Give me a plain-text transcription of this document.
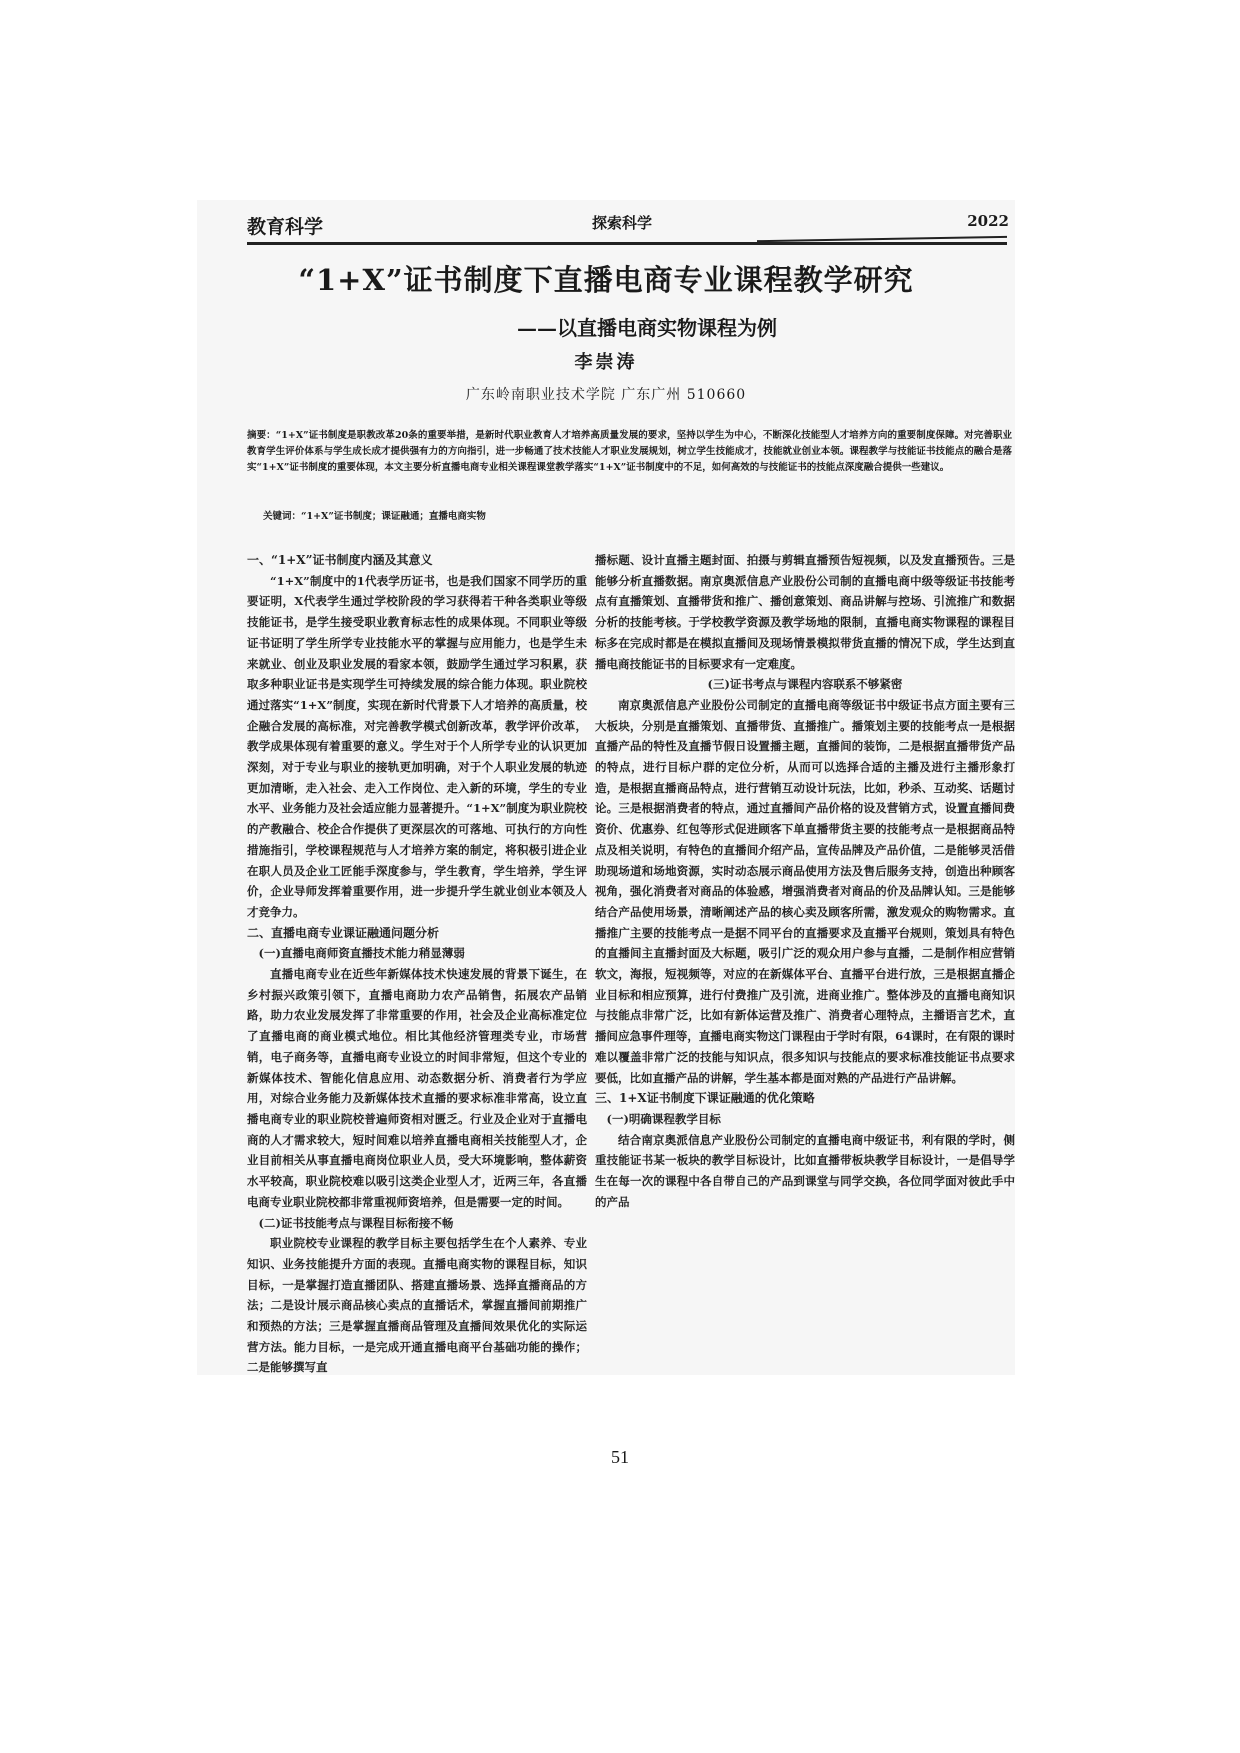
教育科学	探索科学	2022
“1+X”证书制度下直播电商专业课程教学研究
——以直播电商实物课程为例
李崇涛
广东岭南职业技术学院 广东广州 510660
摘要：“1+X”证书制度是职教改革20条的重要举措，是新时代职业教育人才培养高质量发展的要求，坚持以学生为中心，不断深化技能型人才培养方向的重要制度保障。对完善职业教育学生评价体系与学生成长成才提供强有力的方向指引，进一步畅通了技术技能人才职业发展规划，树立学生技能成才，技能就业创业本领。课程教学与技能证书技能点的融合是落实“1+X”证书制度的重要体现，本文主要分析直播电商专业相关课程课堂教学落实“1+X”证书制度中的不足，如何高效的与技能证书的技能点深度融合提供一些建议。
关键词：“1+X”证书制度；课证融通；直播电商实物
一、“1+X”证书制度内涵及其意义

“1+X”制度中的1代表学历证书，也是我们国家不同学历的重要证明，X代表学生通过学校阶段的学习获得若干种各类职业等级技能证书，是学生接受职业教育标志性的成果体现。不同职业等级证书证明了学生所学专业技能水平的掌握与应用能力，也是学生未来就业、创业及职业发展的看家本领，鼓励学生通过学习积累，获取多种职业证书是实现学生可持续发展的综合能力体现。职业院校通过落实“1+X”制度，实现在新时代背景下人才培养的高质量，校企融合发展的高标准，对完善教学模式创新改革，教学评价改革，教学成果体现有着重要的意义。学生对于个人所学专业的认识更加深刻，对于专业与职业的接轨更加明确，对于个人职业发展的轨迹更加清晰，走入社会、走入工作岗位、走入新的环境，学生的专业水平、业务能力及社会适应能力显著提升。“1+X”制度为职业院校的产教融合、校企合作提供了更深层次的可落地、可执行的方向性措施指引，学校课程规范与人才培养方案的制定，将积极引进企业在职人员及企业工匠能手深度参与，学生教育，学生培养，学生评价，企业导师发挥着重要作用，进一步提升学生就业创业本领及人才竞争力。

二、直播电商专业课证融通问题分析
(一)直播电商师资直播技术能力稍显薄弱

直播电商专业在近些年新媒体技术快速发展的背景下诞生，在乡村振兴政策引领下，直播电商助力农产品销售，拓展农产品销路，助力农业发展发挥了非常重要的作用，社会及企业高标准定位了直播电商的商业模式地位。相比其他经济管理类专业，市场营销，电子商务等，直播电商专业设立的时间非常短，但这个专业的新媒体技术、智能化信息应用、动态数据分析、消费者行为学应用，对综合业务能力及新媒体技术直播的要求标准非常高，设立直播电商专业的职业院校普遍师资相对匮乏。行业及企业对于直播电商的人才需求较大，短时间难以培养直播电商相关技能型人才，企业目前相关从事直播电商岗位职业人员，受大环境影响，整体薪资水平较高，职业院校难以吸引这类企业型人才，近两三年，各直播电商专业职业院校都非常重视师资培养，但是需要一定的时间。

(二)证书技能考点与课程目标衔接不畅

职业院校专业课程的教学目标主要包括学生在个人素养、专业知识、业务技能提升方面的表现。直播电商实物的课程目标，知识目标，一是掌握打造直播团队、搭建直播场景、选择直播商品的方法；二是设计展示商品核心卖点的直播话术，掌握直播间前期推广和预热的方法；三是掌握直播商品管理及直播间效果优化的实际运营方法。能力目标，一是完成开通直播电商平台基础功能的操作；二是能够撰写直

播标题、设计直播主题封面、拍摄与剪辑直播预告短视频，以及发直播预告。三是能够分析直播数据。南京奥派信息产业股份公司制的直播电商中级等级证书技能考点有直播策划、直播带货和推广、播创意策划、商品讲解与控场、引流推广和数据分析的技能考核。于学校教学资源及教学场地的限制，直播电商实物课程的课程目标多在完成时都是在模拟直播间及现场情景模拟带货直播的情况下成，学生达到直播电商技能证书的目标要求有一定难度。

(三)证书考点与课程内容联系不够紧密

南京奥派信息产业股份公司制定的直播电商等级证书中级证书点方面主要有三大板块，分别是直播策划、直播带货、直播推广。播策划主要的技能考点一是根据直播产品的特性及直播节假日设置播主题，直播间的装饰，二是根据直播带货产品的特点，进行目标户群的定位分析，从而可以选择合适的主播及进行主播形象打造，是根据直播商品特点，进行营销互动设计玩法，比如，秒杀、互动奖、话题讨论。三是根据消费者的特点，通过直播间产品价格的设及营销方式，设置直播间费资价、优惠券、红包等形式促进顾客下单直播带货主要的技能考点一是根据商品特点及相关说明，有特色的直播间介绍产品，宣传品牌及产品价值，二是能够灵活借助现场道和场地资源，实时动态展示商品使用方法及售后服务支持，创造出种顾客视角，强化消费者对商品的体验感，增强消费者对商品的价及品牌认知。三是能够结合产品使用场景，清晰阐述产品的核心卖及顾客所需，激发观众的购物需求。直播推广主要的技能考点一是据不同平台的直播要求及直播平台规则，策划具有特色的直播间主直播封面及大标题，吸引广泛的观众用户参与直播，二是制作相应营销软文，海报，短视频等，对应的在新媒体平台、直播平台进行放，三是根据直播企业目标和相应预算，进行付费推广及引流，进商业推广。整体涉及的直播电商知识与技能点非常广泛，比如有新体运营及推广、消费者心理特点，主播语言艺术，直播间应急事件理等，直播电商实物这门课程由于学时有限，64课时，在有限的课时难以覆盖非常广泛的技能与知识点，很多知识与技能点的要求标准技能证书点要求要低，比如直播产品的讲解，学生基本都是面对熟的产品进行产品讲解。

三、1+X证书制度下课证融通的优化策略
(一)明确课程教学目标

结合南京奥派信息产业股份公司制定的直播电商中级证书，利有限的学时，侧重技能证书某一板块的教学目标设计，比如直播带板块教学目标设计，一是倡导学生在每一次的课程中各自带自己的产品到课堂与同学交换，各位同学面对彼此手中的产品

51
